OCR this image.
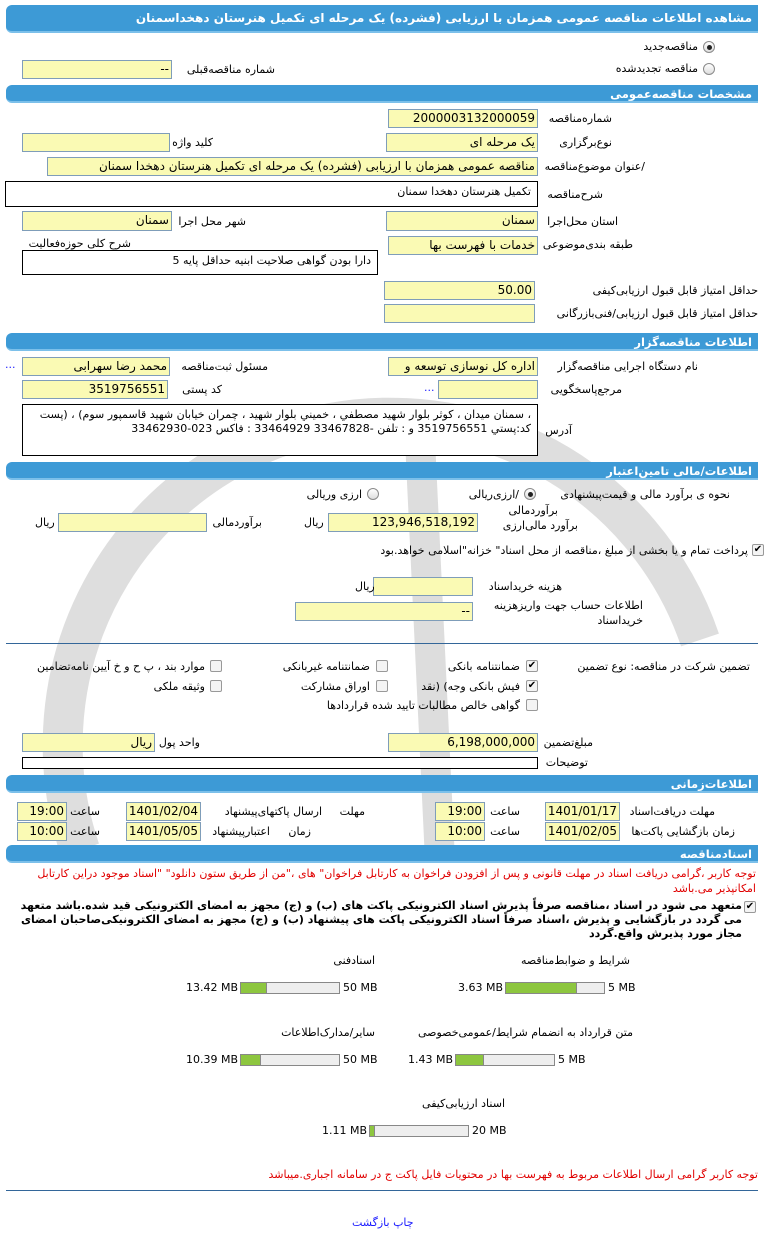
مشاهده اطلاعات مناقصه عمومی همزمان با ارزیابی (فشرده) یک مرحله ای تکمیل هنرستان دهخداسمنان
مناقصه‌جدید
مناقصه تجدیدشده
-- شماره مناقصه‌قبلی
مشخصات مناقصه‌عمومی
2000003132000059 شماره‌مناقصه
یک مرحله ای نوع‌برگزاری
کلید واژه
مناقصه عمومی همزمان با ارزیابی (فشرده) یک مرحله ای تکمیل هنرستان دهخدا سمنان /عنوان موضوع‌مناقصه
تکمیل هنرستان دهخدا سمنان	شرح‌مناقصه
سمنان استان محل‌اجرا
سمنان شهر محل اجرا
خدمات با فهرست بها طبقه بندی‌موضوعی
شرح کلی حوزه‌فعالیت
دارا بودن گواهی صلاحیت ابنیه حداقل پایه 5
50.00	حداقل امتیاز قابل قبول ارزیابی‌کیفی
حداقل امتیاز قابل قبول ارزیابی/فنی‌بازرگانی
اطلاعات مناقصه‌گزار
اداره کل نوسازی توسعه و نام دستگاه اجرایی مناقصه‌گزار
محمد رضا سهرابی مسئول ثبت‌مناقصه
...
...	مرجع‌پاسخگویی
3519756551 کد پستی
، سمنان میدان ، کوثر بلوار شهید مصطفي ، خميني بلوار شهيد ، چمران خيابان شهيد قاسمپور سوم) ، (پست کد:پستي 3519756551 و : تلفن -33467828 33464929 : فاكس 023-33462930	آدرس
اطلاعات/مالی تامین‌اعتبار
نحوه ی برآورد مالی و قیمت‌پیشنهادی
/ارزی‌ریالی
ارزی وریالی
123,946,518,192
ریال
برآوردمالی
برآورد مالی‌ارزی
برآوردمالی
ریال
✔
پرداخت تمام و یا بخشی از مبلغ ،مناقصه از محل اسناد" خزانه"اسلامی خواهد.بود
ریال	هزینه خریداسناد
--	اطلاعات حساب جهت واریزهزینه خریداسناد
تضمین شرکت در مناقصه: نوع تضمین
✔
ضمانتنامه بانکی
ضمانتنامه غیربانکی
موارد بند ، پ ح و خ آیین نامه‌تضامین
✔
فیش بانکی وجه) (نقد
اوراق مشارکت
وثیقه ملکی
گواهی خالص مطالبات تایید شده قراردادها
6,198,000,000 مبلغ‌تضمین
ریال واحد پول
توضیحات
اطلاعات‌زمانی
1401/01/17 مهلت دریافت‌اسناد
ساعت
19:00
مهلت
ارسال پاکتهای‌پیشنهاد
1401/02/04
ساعت
19:00
1401/02/05 زمان بازگشایی پاکت‌ها
ساعت
10:00
زمان
اعتبارپیشنهاد
1401/05/05
ساعت
10:00
اسنادمناقصه
توجه کاربر ،گرامی دریافت اسناد در مهلت قانونی و پس از افزودن فراخوان به کارتابل فراخوان" های ،"من از طریق ستون دانلود" "اسناد موجود دراین کارتابل امکانپذیر می.باشد
✔
متعهد می شود در اسناد ،مناقصه صرفاً پذیرش اسناد الکترونیکی پاکت های (ب) و (ج) مجهز به امضای الکترونیکی قید شده.باشد متعهد می گردد در بازگشایی و پذیرش ،اسناد صرفاً اسناد الکترونیکی پاکت های پیشنهاد (ب) و (ج) مجهز به امضای الکترونیکی‌صاحبان امضای مجاز مورد پذیرش واقع.گردد
شرایط و ضوابط‌مناقصه
3.63 MB	5 MB
اسنادفنی
13.42 MB	50 MB
متن قرارداد به انضمام شرایط/عمومی‌خصوصی
1.43 MB	5 MB
سایر/مدارک‌اطلاعات
10.39 MB	50 MB
اسناد ارزیابی‌کیفی
1.11 MB	20 MB
توجه کاربر گرامی ارسال اطلاعات مربوط به فهرست بها در محتویات فایل پاکت ج در سامانه اجباری.میباشد
چاپ بازگشت
